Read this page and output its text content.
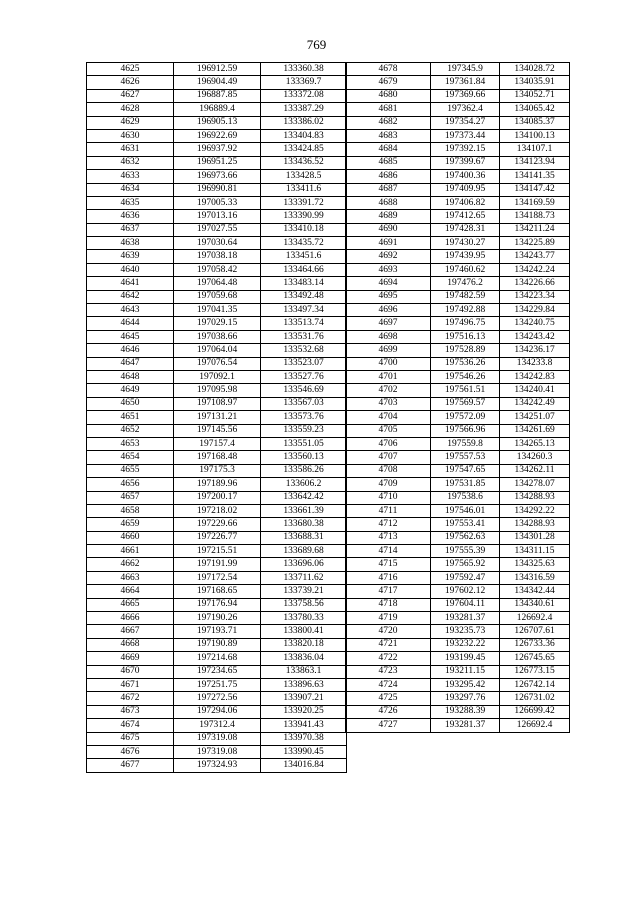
769
4625	196912.59	133360.38
4626	196904.49	133369.7
4627	196887.85	133372.08
4628	196889.4	133387.29
4629	196905.13	133386.02
4630	196922.69	133404.83
4631	196937.92	133424.85
4632	196951.25	133436.52
4633	196973.66	133428.5
4634	196990.81	133411.6
4635	197005.33	133391.72
4636	197013.16	133390.99
4637	197027.55	133410.18
4638	197030.64	133435.72
4639	197038.18	133451.6
4640	197058.42	133464.66
4641	197064.48	133483.14
4642	197059.68	133492.48
4643	197041.35	133497.34
4644	197029.15	133513.74
4645	197038.66	133531.76
4646	197064.04	133532.68
4647	197076.54	133523.07
4648	197092.1	133527.76
4649	197095.98	133546.69
4650	197108.97	133567.03
4651	197131.21	133573.76
4652	197145.56	133559.23
4653	197157.4	133551.05
4654	197168.48	133560.13
4655	197175.3	133586.26
4656	197189.96	133606.2
4657	197200.17	133642.42
4658	197218.02	133661.39
4659	197229.66	133680.38
4660	197226.77	133688.31
4661	197215.51	133689.68
4662	197191.99	133696.06
4663	197172.54	133711.62
4664	197168.65	133739.21
4665	197176.94	133758.56
4666	197190.26	133780.33
4667	197193.71	133800.41
4668	197190.89	133820.18
4669	197214.68	133836.04
4670	197234.65	133863.1
4671	197251.75	133896.63
4672	197272.56	133907.21
4673	197294.06	133920.25
4674	197312.4	133941.43
4675	197319.08	133970.38
4676	197319.08	133990.45
4677	197324.93	134016.84
4678	197345.9	134028.72
4679	197361.84	134035.91
4680	197369.66	134052.71
4681	197362.4	134065.42
4682	197354.27	134085.37
4683	197373.44	134100.13
4684	197392.15	134107.1
4685	197399.67	134123.94
4686	197400.36	134141.35
4687	197409.95	134147.42
4688	197406.82	134169.59
4689	197412.65	134188.73
4690	197428.31	134211.24
4691	197430.27	134225.89
4692	197439.95	134243.77
4693	197460.62	134242.24
4694	197476.2	134226.66
4695	197482.59	134223.34
4696	197492.88	134229.84
4697	197496.75	134240.75
4698	197516.13	134243.42
4699	197528.89	134236.17
4700	197536.26	134233.8
4701	197546.26	134242.83
4702	197561.51	134240.41
4703	197569.57	134242.49
4704	197572.09	134251.07
4705	197566.96	134261.69
4706	197559.8	134265.13
4707	197557.53	134260.3
4708	197547.65	134262.11
4709	197531.85	134278.07
4710	197538.6	134288.93
4711	197546.01	134292.22
4712	197553.41	134288.93
4713	197562.63	134301.28
4714	197555.39	134311.15
4715	197565.92	134325.63
4716	197592.47	134316.59
4717	197602.12	134342.44
4718	197604.11	134340.61
4719	193281.37	126692.4
4720	193235.73	126707.61
4721	193232.22	126733.36
4722	193199.45	126745.65
4723	193211.15	126773.15
4724	193295.42	126742.14
4725	193297.76	126731.02
4726	193288.39	126699.42
4727	193281.37	126692.4
